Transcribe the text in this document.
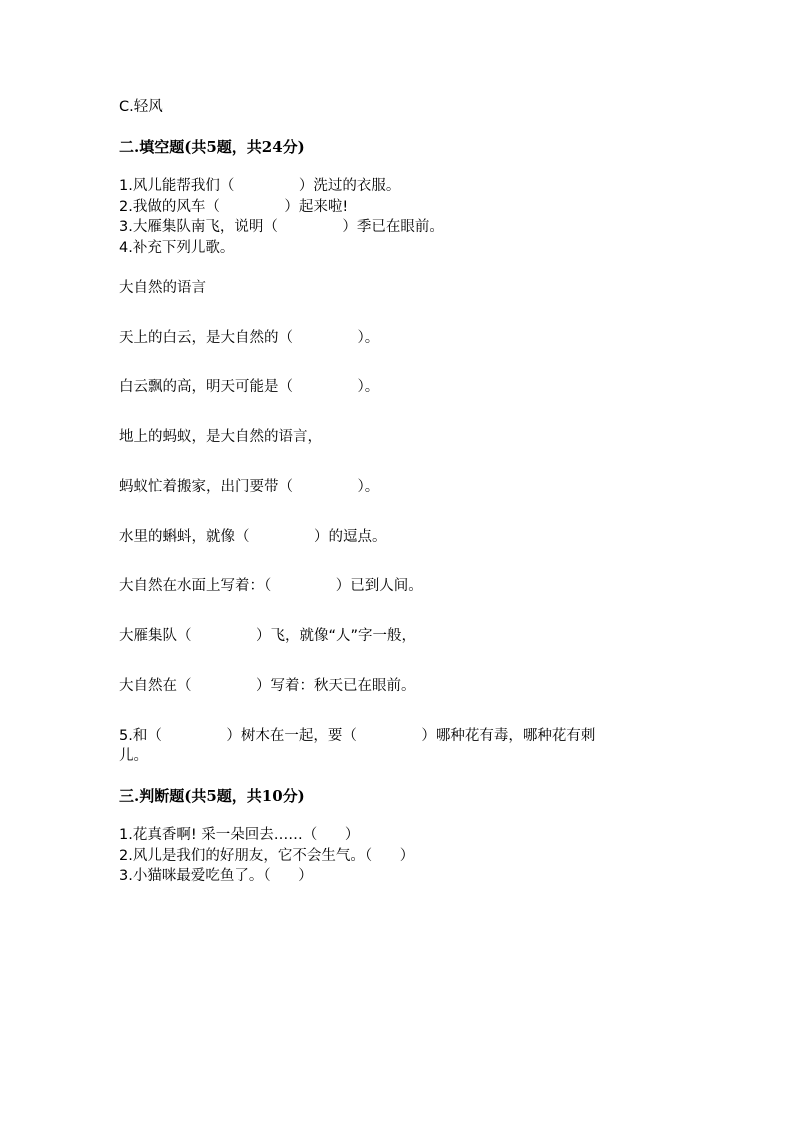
C.轻风
二.填空题(共5题，共24分)
1.风儿能帮我们（              ）洗过的衣服。
2.我做的风车（              ）起来啦!
3.大雁集队南飞，说明（              ）季已在眼前。
4.补充下列儿歌。
大自然的语言
天上的白云，是大自然的（              ）。
白云飘的高，明天可能是（              ）。
地上的蚂蚁，是大自然的语言，
蚂蚁忙着搬家，出门要带（              ）。
水里的蝌蚪，就像（              ）的逗点。
大自然在水面上写着：（              ）已到人间。
大雁集队（              ）飞，就像“人”字一般，
大自然在（              ）写着：秋天已在眼前。
5.和（              ）树木在一起，要（              ）哪种花有毒，哪种花有刺
儿。
三.判断题(共5题，共10分)
1.花真香啊! 采一朵回去……（      ）
2.风儿是我们的好朋友，它不会生气。（      ）
3.小猫咪最爱吃鱼了。（      ）
